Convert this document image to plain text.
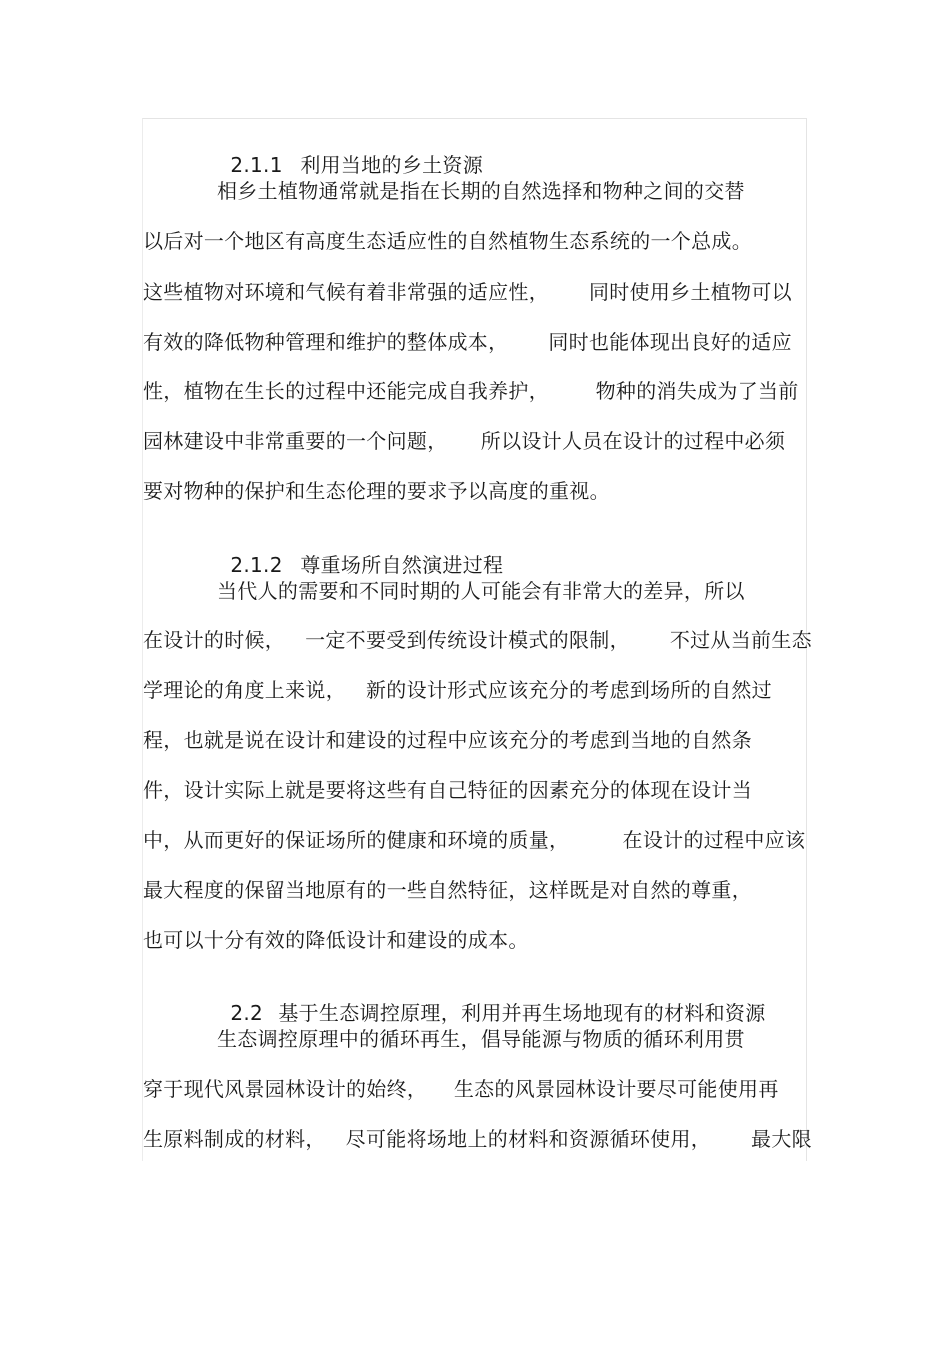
2.1.1 利用当地的乡土资源

相乡土植物通常就是指在长期的自然选择和物种之间的交替
以后对一个地区有高度生态适应性的自然植物生态系统的一个总成。
这些植物对环境和气候有着非常强的适应性，      同时使用乡土植物可以
有效的降低物种管理和维护的整体成本，      同时也能体现出良好的适应
性，植物在生长的过程中还能完成自我养护，       物种的消失成为了当前
园林建设中非常重要的一个问题，     所以设计人员在设计的过程中必须
要对物种的保护和生态伦理的要求予以高度的重视。

2.1.2 尊重场所自然演进过程

当代人的需要和不同时期的人可能会有非常大的差异，所以
在设计的时候，   一定不要受到传统设计模式的限制，      不过从当前生态
学理论的角度上来说，   新的设计形式应该充分的考虑到场所的自然过
程，也就是说在设计和建设的过程中应该充分的考虑到当地的自然条
件，设计实际上就是要将这些有自己特征的因素充分的体现在设计当
中，从而更好的保证场所的健康和环境的质量，        在设计的过程中应该
最大程度的保留当地原有的一些自然特征，这样既是对自然的尊重，
也可以十分有效的降低设计和建设的成本。

2.2 基于生态调控原理，利用并再生场地现有的材料和资源

生态调控原理中的循环再生，倡导能源与物质的循环利用贯
穿于现代风景园林设计的始终，    生态的风景园林设计要尽可能使用再
生原料制成的材料，   尽可能将场地上的材料和资源循环使用，      最大限
